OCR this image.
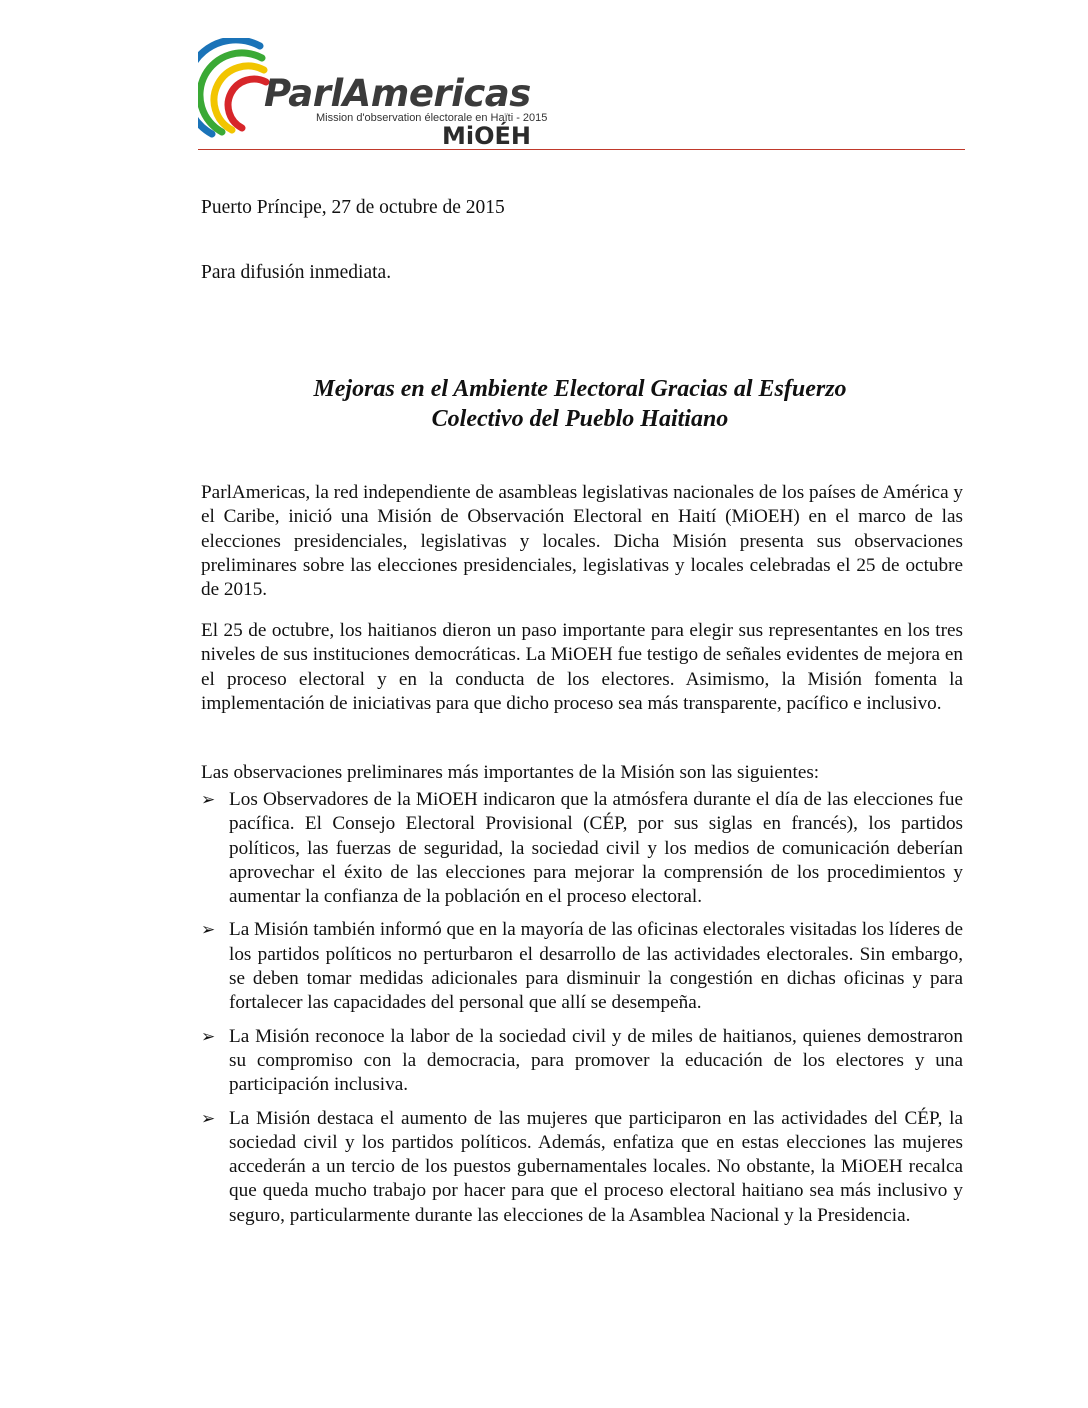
ParlAmericas
Mission d'observation électorale en Haïti - 2015
MiOÉH
Puerto Príncipe, 27 de octubre de 2015
Para difusión inmediata.
Mejoras en el Ambiente Electoral Gracias al Esfuerzo
Colectivo del Pueblo Haitiano
ParlAmericas, la red independiente de asambleas legislativas nacionales de los países de América y el Caribe, inició una Misión de Observación Electoral en Haití (MiOEH) en el marco de las elecciones presidenciales, legislativas y locales. Dicha Misión presenta sus observaciones preliminares sobre las elecciones presidenciales, legislativas y locales celebradas el 25 de octubre de 2015.
El 25 de octubre, los haitianos dieron un paso importante para elegir sus representantes en los tres niveles de sus instituciones democráticas. La MiOEH fue testigo de señales evidentes de mejora en el proceso electoral y en la conducta de los electores. Asimismo, la Misión fomenta la implementación de iniciativas para que dicho proceso sea más transparente, pacífico e inclusivo.
Las observaciones preliminares más importantes de la Misión son las siguientes:
➢ Los Observadores de la MiOEH indicaron que la atmósfera durante el día de las elecciones fue pacífica. El Consejo Electoral Provisional (CÉP, por sus siglas en francés), los partidos políticos, las fuerzas de seguridad, la sociedad civil y los medios de comunicación deberían aprovechar el éxito de las elecciones para mejorar la comprensión de los procedimientos y aumentar la confianza de la población en el proceso electoral.
➢ La Misión también informó que en la mayoría de las oficinas electorales visitadas los líderes de los partidos políticos no perturbaron el desarrollo de las actividades electorales. Sin embargo, se deben tomar medidas adicionales para disminuir la congestión en dichas oficinas y para fortalecer las capacidades del personal que allí se desempeña.
➢ La Misión reconoce la labor de la sociedad civil y de miles de haitianos, quienes demostraron su compromiso con la democracia, para promover la educación de los electores y una participación inclusiva.
➢ La Misión destaca el aumento de las mujeres que participaron en las actividades del CÉP, la sociedad civil y los partidos políticos. Además, enfatiza que en estas elecciones las mujeres accederán a un tercio de los puestos gubernamentales locales. No obstante, la MiOEH recalca que queda mucho trabajo por hacer para que el proceso electoral haitiano sea más inclusivo y seguro, particularmente durante las elecciones de la Asamblea Nacional y la Presidencia.
